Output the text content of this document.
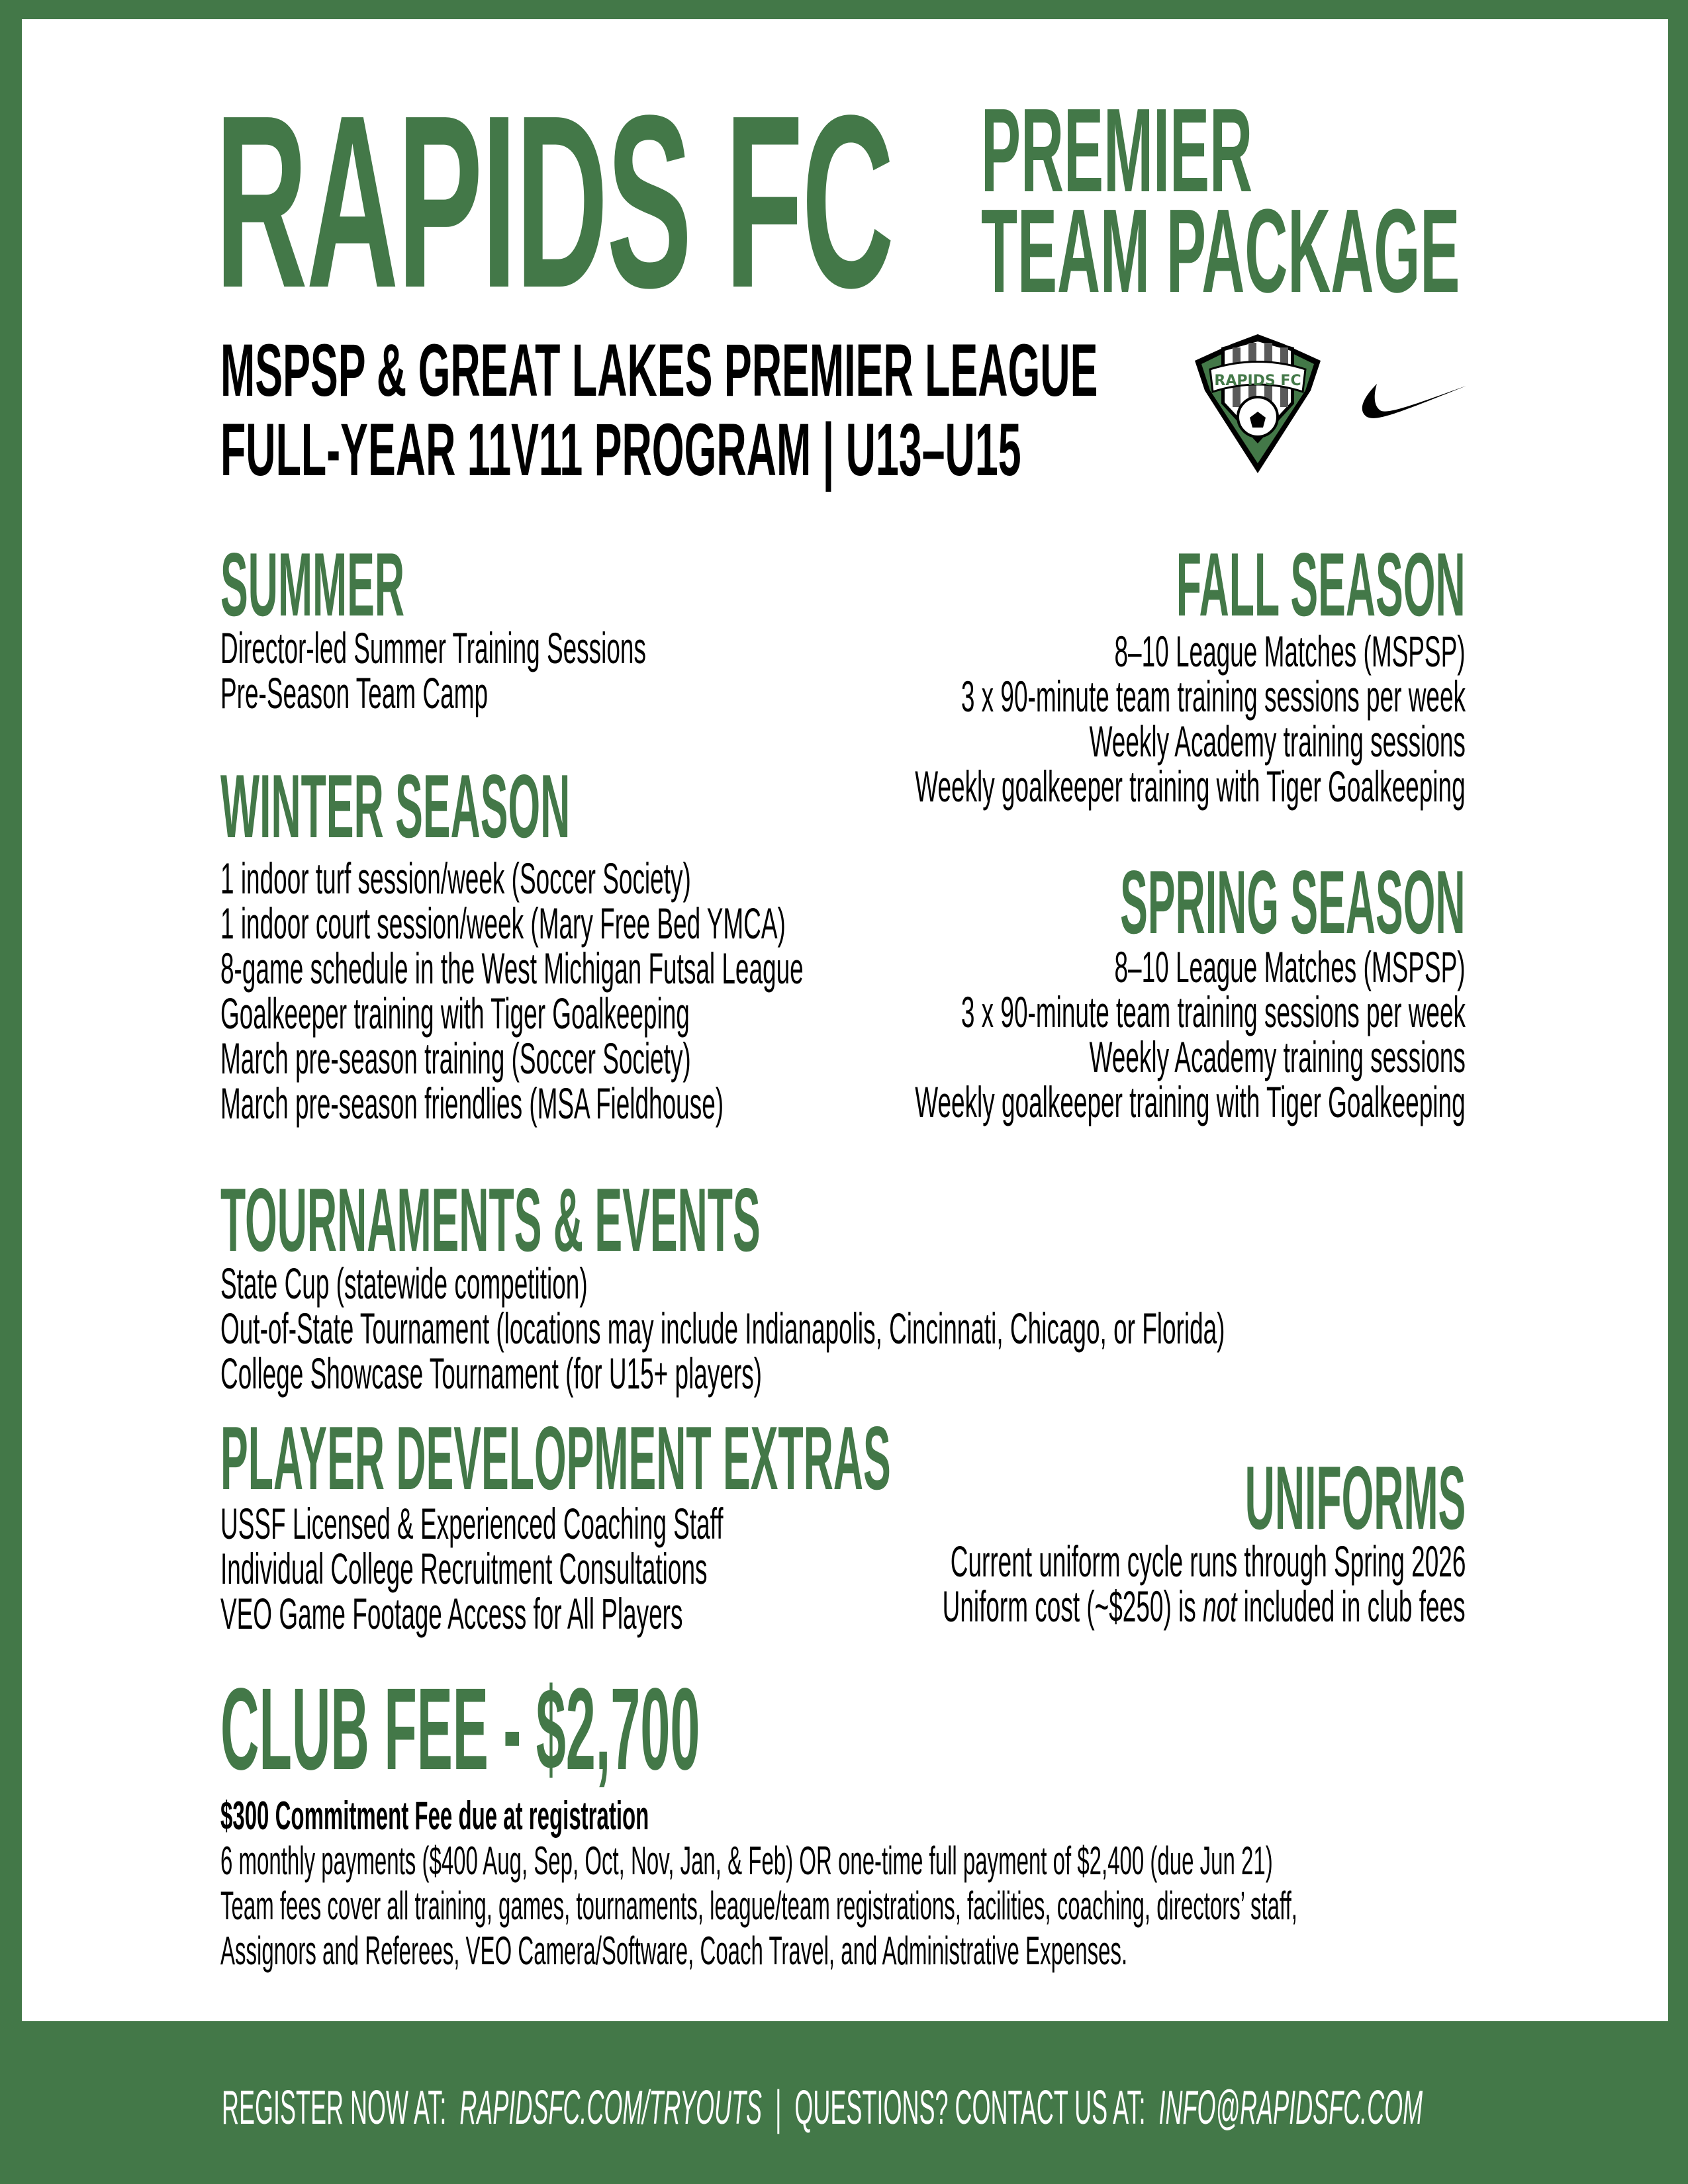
RAPIDS FC PREMIER
TEAM PACKAGE
MSPSP & GREAT LAKES PREMIER LEAGUE
FULL-YEAR 11V11 PROGRAM | U13–U15
RAPIDS FC
SUMMER
Director-led Summer Training Sessions
Pre-Season Team Camp
FALL SEASON
8–10 League Matches (MSPSP)
3 x 90-minute team training sessions per week
Weekly Academy training sessions
Weekly goalkeeper training with Tiger Goalkeeping
WINTER SEASON
1 indoor turf session/week (Soccer Society)
1 indoor court session/week (Mary Free Bed YMCA)
8-game schedule in the West Michigan Futsal League
Goalkeeper training with Tiger Goalkeeping
March pre-season training (Soccer Society)
March pre-season friendlies (MSA Fieldhouse)
SPRING SEASON
8–10 League Matches (MSPSP)
3 x 90-minute team training sessions per week
Weekly Academy training sessions
Weekly goalkeeper training with Tiger Goalkeeping
TOURNAMENTS & EVENTS
State Cup (statewide competition)
Out-of-State Tournament (locations may include Indianapolis, Cincinnati, Chicago, or Florida)
College Showcase Tournament (for U15+ players)
PLAYER DEVELOPMENT EXTRAS
USSF Licensed & Experienced Coaching Staff
Individual College Recruitment Consultations
VEO Game Footage Access for All Players
UNIFORMS
Current uniform cycle runs through Spring 2026
Uniform cost (~$250) is not included in club fees
CLUB FEE - $2,700
$300 Commitment Fee due at registration
6 monthly payments ($400 Aug, Sep, Oct, Nov, Jan, & Feb) OR one-time full payment of $2,400 (due Jun 21)
Team fees cover all training, games, tournaments, league/team registrations, facilities, coaching, directors’ staff,
Assignors and Referees, VEO Camera/Software, Coach Travel, and Administrative Expenses.
REGISTER NOW AT: RAPIDSFC.COM/TRYOUTS | QUESTIONS? CONTACT US AT: INFO@RAPIDSFC.COM
